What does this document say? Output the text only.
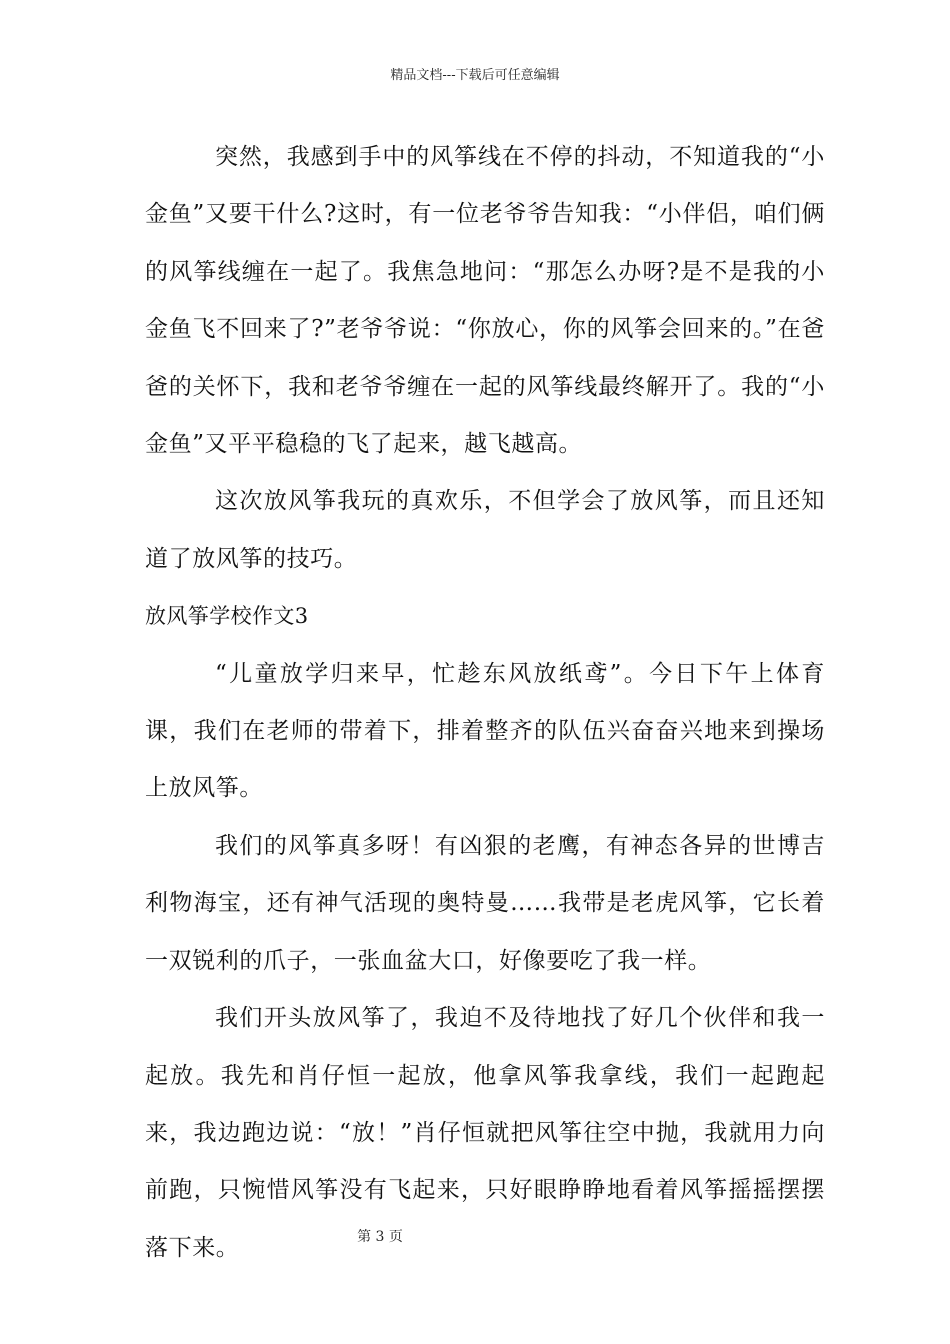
精品文档---下载后可任意编辑

突然，我感到手中的风筝线在不停的抖动，不知道我的“小金鱼”又要干什么?这时，有一位老爷爷告知我：“小伴侣，咱们俩的风筝线缠在一起了。我焦急地问：“那怎么办呀?是不是我的小金鱼飞不回来了?”老爷爷说：“你放心，你的风筝会回来的。”在爸爸的关怀下，我和老爷爷缠在一起的风筝线最终解开了。我的“小金鱼”又平平稳稳的飞了起来，越飞越高。

这次放风筝我玩的真欢乐，不但学会了放风筝，而且还知道了放风筝的技巧。

放风筝学校作文3

“儿童放学归来早，忙趁东风放纸鸢”。今日下午上体育课，我们在老师的带着下，排着整齐的队伍兴奋奋兴地来到操场上放风筝。

我们的风筝真多呀！有凶狠的老鹰，有神态各异的世博吉利物海宝，还有神气活现的奥特曼……我带是老虎风筝，它长着一双锐利的爪子，一张血盆大口，好像要吃了我一样。

我们开头放风筝了，我迫不及待地找了好几个伙伴和我一起放。我先和肖仔恒一起放，他拿风筝我拿线，我们一起跑起来，我边跑边说：“放！”肖仔恒就把风筝往空中抛，我就用力向前跑，只惋惜风筝没有飞起来，只好眼睁睁地看着风筝摇摇摆摆落下来。	第 3 页
